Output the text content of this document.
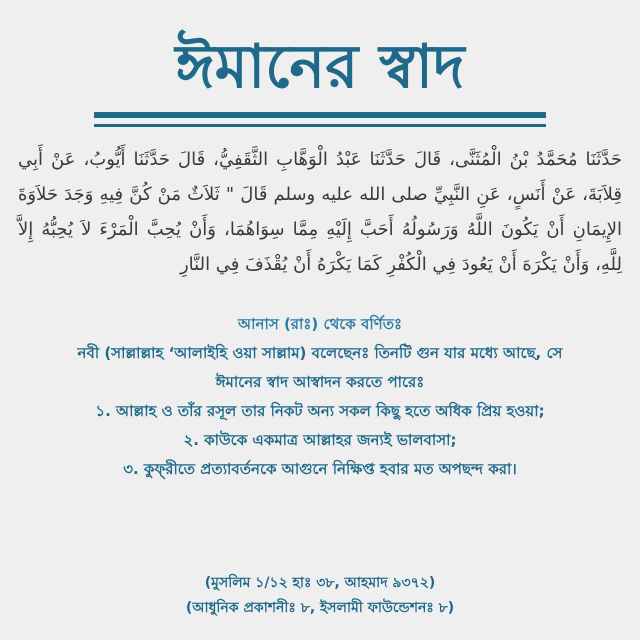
ঈমানের স্বাদ
حَدَّثَنَا مُحَمَّدُ بْنُ الْمُثَنَّى، قَالَ حَدَّثَنَا عَبْدُ الْوَهَّابِ الثَّقَفِيُّ، قَالَ حَدَّثَنَا أَيُّوبُ، عَنْ أَبِي قِلاَبَةَ، عَنْ أَنَسٍ، عَنِ النَّبِيِّ صلى الله عليه وسلم قَالَ " ثَلاَثٌ مَنْ كُنَّ فِيهِ وَجَدَ حَلاَوَةَ الإِيمَانِ أَنْ يَكُونَ اللَّهُ وَرَسُولُهُ أَحَبَّ إِلَيْهِ مِمَّا سِوَاهُمَا، وَأَنْ يُحِبَّ الْمَرْءَ لاَ يُحِبُّهُ إِلاَّ لِلَّهِ، وَأَنْ يَكْرَهَ أَنْ يَعُودَ فِي الْكُفْرِ كَمَا يَكْرَهُ أَنْ يُقْذَفَ فِي النَّارِ
আনাস (রাঃ) থেকে বর্ণিতঃ
নবী (সাল্লাল্লাহ ‘আলাইহি ওয়া সাল্লাম) বলেছেনঃ তিনটি গুন যার মধ্যে আছে, সে
ঈমানের স্বাদ আস্বাদন করতে পারেঃ
১. আল্লাহ ও তাঁর রসূল তার নিকট অন্য সকল কিছু হতে অধিক প্রিয় হওয়া;
২. কাউকে একমাত্র আল্লাহর জন্যই ভালবাসা;
৩. কুফ্‌রীতে প্রত্যাবর্তনকে আগুনে নিক্ষিপ্ত হবার মত অপছন্দ করা।
(মুসলিম ১/১২ হাঃ ৩৮, আহমাদ ৯৩৭২)
(আধুনিক প্রকাশনীঃ ৮, ইসলামী ফাউন্ডেশনঃ ৮)
